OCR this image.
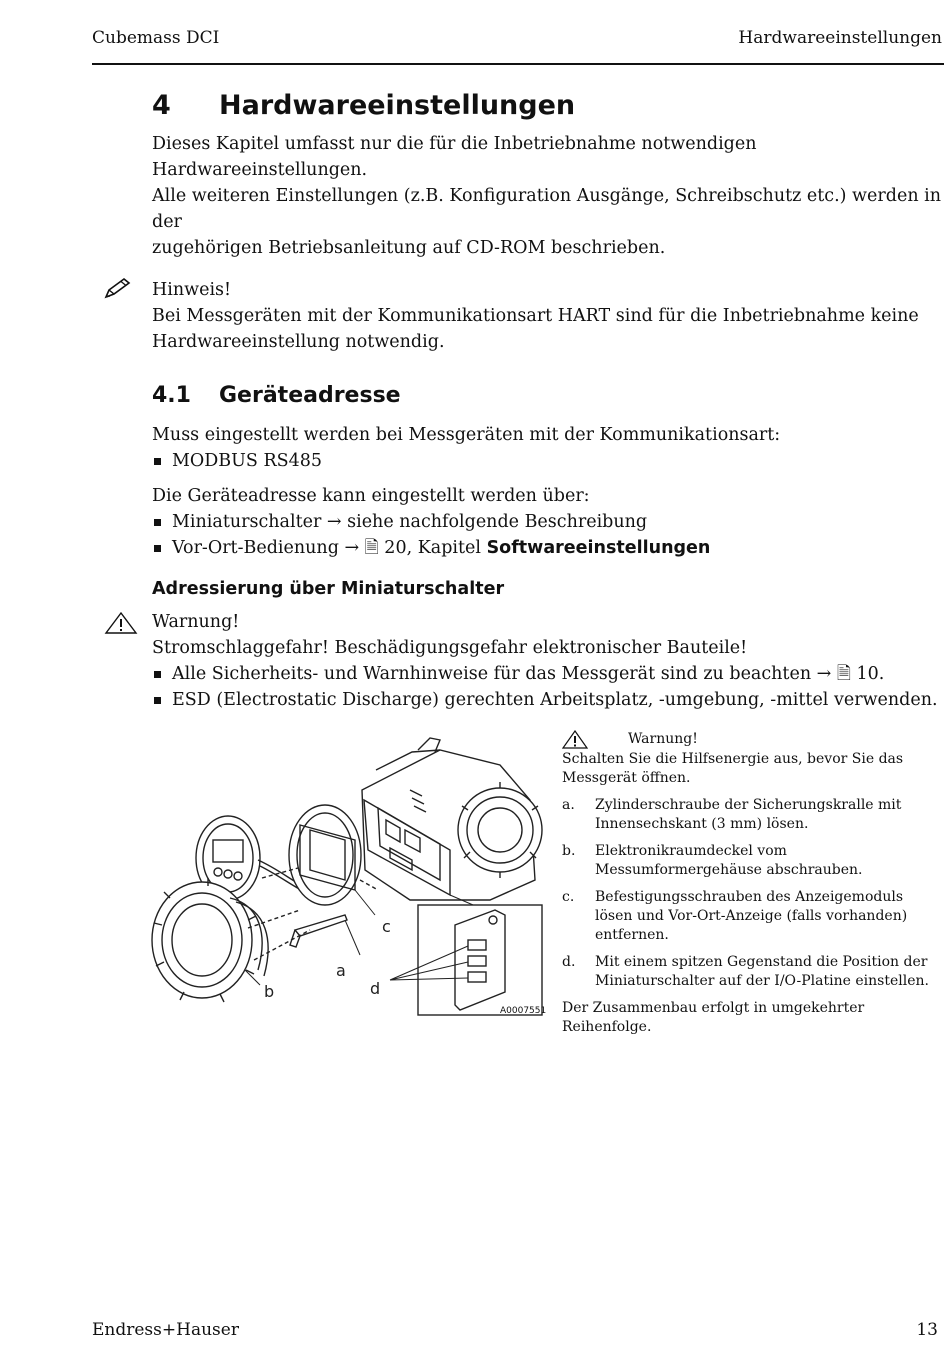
Cubemass DCI	Hardwareeinstellungen
4 Hardwareeinstellungen

Dieses Kapitel umfasst nur die für die Inbetriebnahme notwendigen Hardwareeinstellungen.

Alle weiteren Einstellungen (z.B. Konfiguration Ausgänge, Schreibschutz etc.) werden in der

zugehörigen Betriebsanleitung auf CD-ROM beschrieben.

Hinweis!

Bei Messgeräten mit der Kommunikationsart HART sind für die Inbetriebnahme keine

Hardwareeinstellung notwendig.

4.1 Geräteadresse

Muss eingestellt werden bei Messgeräten mit der Kommunikationsart:

MODBUS RS485

Die Geräteadresse kann eingestellt werden über:

Miniaturschalter → siehe nachfolgende Beschreibung
Vor-Ort-Bedienung → 🗎 20, Kapitel Softwareeinstellungen
Adressierung über Miniaturschalter

Warnung!

Stromschlaggefahr! Beschädigungsgefahr elektronischer Bauteile!

Alle Sicherheits- und Warnhinweise für das Messgerät sind zu beachten → 🗎 10.
ESD (Electrostatic Discharge) gerechten Arbeitsplatz, -umgebung, -mittel verwenden.
c
a
b	d
A0007551
Warnung!

Schalten Sie die Hilfsenergie aus, bevor Sie das Messgerät öffnen.

a. Zylinderschraube der Sicherungskralle mit Innensechskant (3 mm) lösen.
b. Elektronikraumdeckel vom Messumformergehäuse abschrauben.
c. Befestigungsschrauben des Anzeigemoduls lösen und Vor-Ort-Anzeige (falls vorhanden) entfernen.
d. Mit einem spitzen Gegenstand die Position der Miniaturschalter auf der I/O-Platine einstellen.

Der Zusammenbau erfolgt in umgekehrter Reihenfolge.

Endress+Hauser	13
